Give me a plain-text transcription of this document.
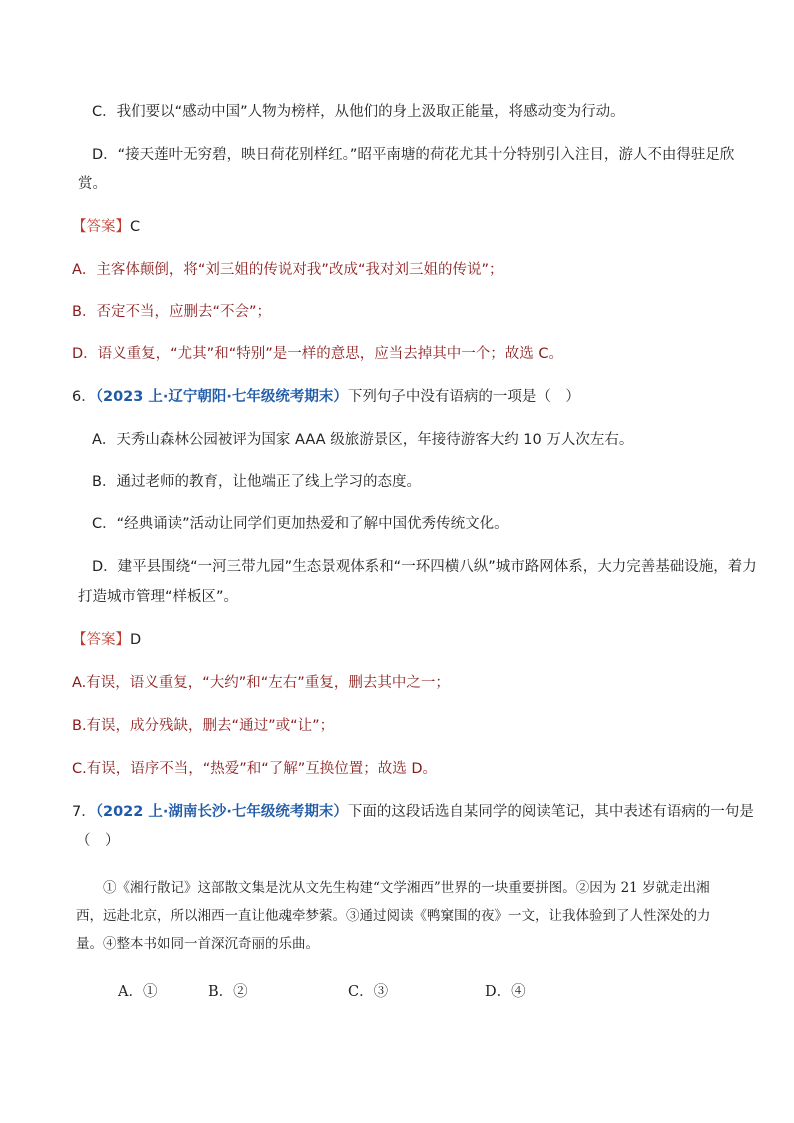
C．我们要以“感动中国”人物为榜样，从他们的身上汲取正能量，将感动变为行动。
D．“接天莲叶无穷碧，映日荷花别样红。”昭平南塘的荷花尤其十分特别引入注目，游人不由得驻足欣
赏。
【答案】C
A．主客体颠倒，将“刘三姐的传说对我”改成“我对刘三姐的传说”；
B．否定不当，应删去“不会”；
D．语义重复，“尤其”和“特别”是一样的意思，应当去掉其中一个；故选 C。
6．（2023 上·辽宁朝阳·七年级统考期末）下列句子中没有语病的一项是（　）
A．天秀山森林公园被评为国家 AAA 级旅游景区，年接待游客大约 10 万人次左右。
B．通过老师的教育，让他端正了线上学习的态度。
C．“经典诵读”活动让同学们更加热爱和了解中国优秀传统文化。
D．建平县围绕“一河三带九园”生态景观体系和“一环四横八纵”城市路网体系，大力完善基础设施，着力
打造城市管理“样板区”。
【答案】D
A.有误，语义重复，“大约”和“左右”重复，删去其中之一；
B.有误，成分残缺，删去“通过”或“让”；
C.有误，语序不当，“热爱”和“了解”互换位置；故选 D。
7．（2022 上·湖南长沙·七年级统考期末）下面的这段话选自某同学的阅读笔记，其中表述有语病的一句是
（　）
①《湘行散记》这部散文集是沈从文先生构建“文学湘西”世界的一块重要拼图。②因为 21 岁就走出湘西，远赴北京，所以湘西一直让他魂牵梦萦。③通过阅读《鸭窠围的夜》一文，让我体验到了人性深处的力量。④整本书如同一首深沉奇丽的乐曲。
A．①	B．②	C．③	D．④
